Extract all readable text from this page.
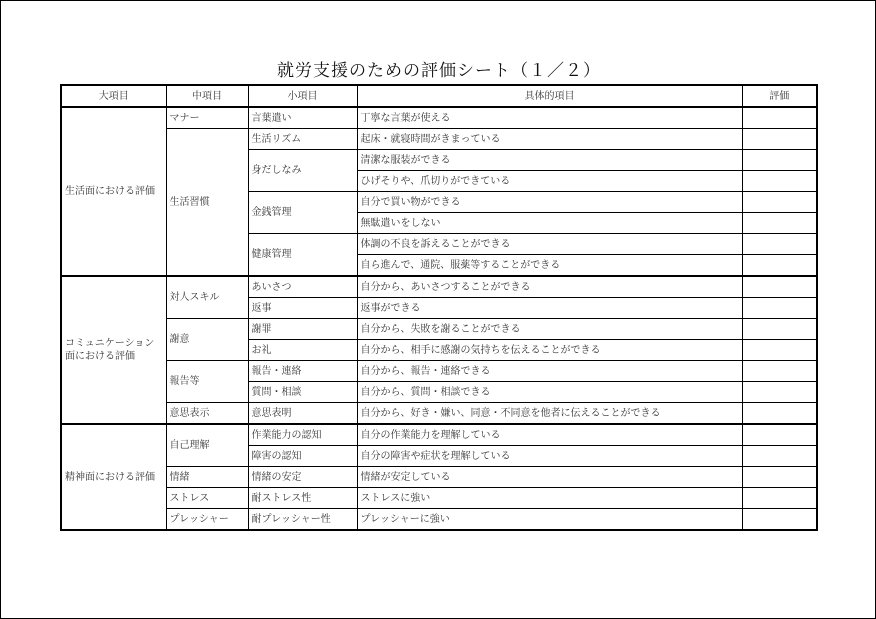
就労支援のための評価シート（１／２）
大項目	中項目	小項目	具体的項目	評価
生活面における評価	マナー	言葉遣い	丁寧な言葉が使える	
	生活習慣	生活リズム	起床・就寝時間がきまっている	
		身だしなみ	清潔な服装ができる	
			ひげそりや、爪切りができている	
		金銭管理	自分で買い物ができる	
			無駄遣いをしない	
		健康管理	体調の不良を訴えることができる	
			自ら進んで、通院、服薬等することができる	
コミュニケーション面における評価	対人スキル	あいさつ	自分から、あいさつすることができる	
		返事	返事ができる	
	謝意	謝罪	自分から、失敗を謝ることができる	
		お礼	自分から、相手に感謝の気持ちを伝えることができる	
	報告等	報告・連絡	自分から、報告・連絡できる	
		質問・相談	自分から、質問・相談できる	
	意思表示	意思表明	自分から、好き・嫌い、同意・不同意を他者に伝えることができる	
精神面における評価	自己理解	作業能力の認知	自分の作業能力を理解している	
		障害の認知	自分の障害や症状を理解している	
	情緒	情緒の安定	情緒が安定している	
	ストレス	耐ストレス性	ストレスに強い	
	プレッシャー	耐プレッシャー性	プレッシャーに強い	
